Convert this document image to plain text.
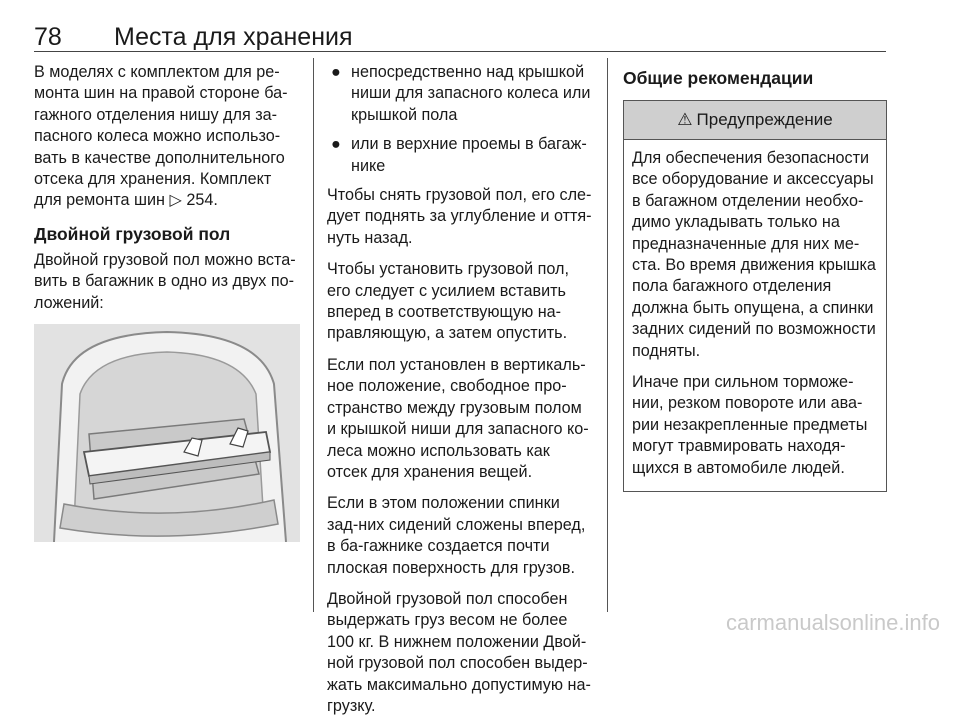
78 Места для хранения

В моделях с комплектом для ре-монта шин на правой стороне ба-гажного отделения нишу для за-пасного колеса можно использо-вать в качестве дополнительного отсека для хранения. Комплект для ремонта шин ▷ 254.

Двойной грузовой пол

Двойной грузовой пол можно вста-вить в багажник в одно из двух по-ложений:

● непосредственно над крышкой ниши для запасного колеса или крышкой пола
● или в верхние проемы в багаж-нике

Чтобы снять грузовой пол, его сле-дует поднять за углубление и оття-нуть назад.

Чтобы установить грузовой пол, его следует с усилием вставить вперед в соответствующую на-правляющую, а затем опустить.

Если пол установлен в вертикаль-ное положение, свободное про-странство между грузовым полом и крышкой ниши для запасного ко-леса можно использовать как отсек для хранения вещей.

Если в этом положении спинки зад-них сидений сложены вперед, в ба-гажнике создается почти плоская поверхность для грузов.

Двойной грузовой пол способен выдержать груз весом не более 100 кг. В нижнем положении Двой-ной грузовой пол способен выдер-жать максимально допустимую на-грузку.

Общие рекомендации
⚠ Предупреждение

Для обеспечения безопасности все оборудование и аксессуары в багажном отделении необхо-димо укладывать только на предназначенные для них ме-ста. Во время движения крышка пола багажного отделения должна быть опущена, а спинки задних сидений по возможности подняты.

Иначе при сильном торможе-нии, резком повороте или ава-рии незакрепленные предметы могут травмировать находя-щихся в автомобиле людей.

carmanualsonline.info
